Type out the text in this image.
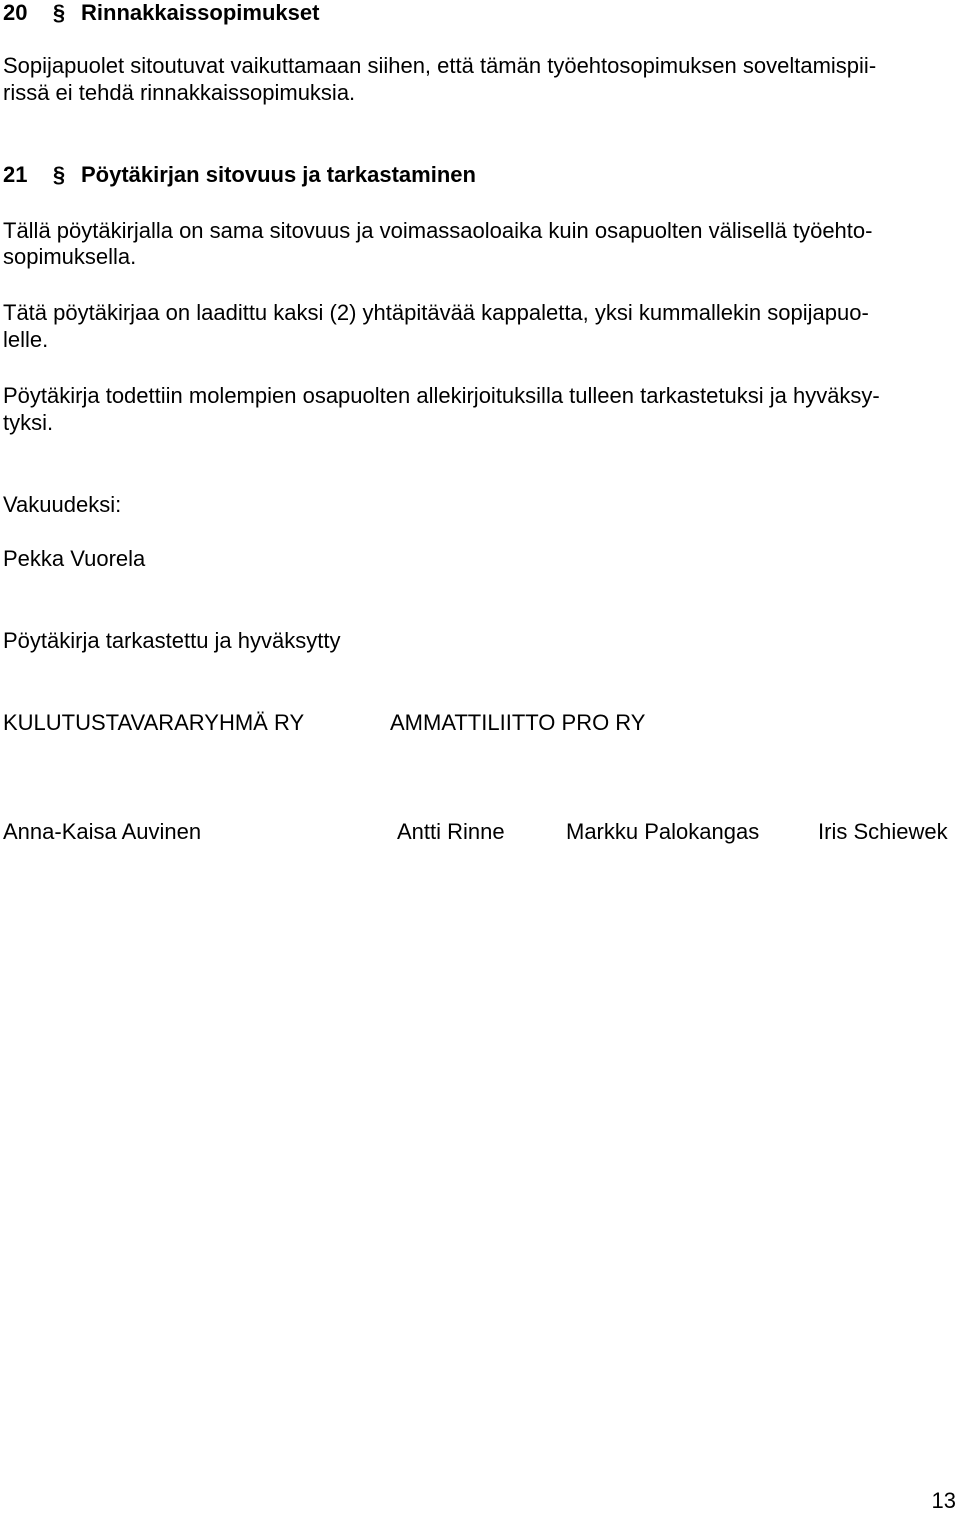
20 § Rinnakkaissopimukset
Sopijapuolet sitoutuvat vaikuttamaan siihen, että tämän työehtosopimuksen soveltamispii-
rissä ei tehdä rinnakkaissopimuksia.
21 § Pöytäkirjan sitovuus ja tarkastaminen
Tällä pöytäkirjalla on sama sitovuus ja voimassaoloaika kuin osapuolten välisellä työehto-
sopimuksella.
Tätä pöytäkirjaa on laadittu kaksi (2) yhtäpitävää kappaletta, yksi kummallekin sopijapuo-
lelle.
Pöytäkirja todettiin molempien osapuolten allekirjoituksilla tulleen tarkastetuksi ja hyväksy-
tyksi.
Vakuudeksi:
Pekka Vuorela
Pöytäkirja tarkastettu ja hyväksytty
KULUTUSTAVARARYHMÄ RY	AMMATTILIITTO PRO RY
Anna-Kaisa Auvinen	Antti Rinne	Markku Palokangas	Iris Schiewek
13
